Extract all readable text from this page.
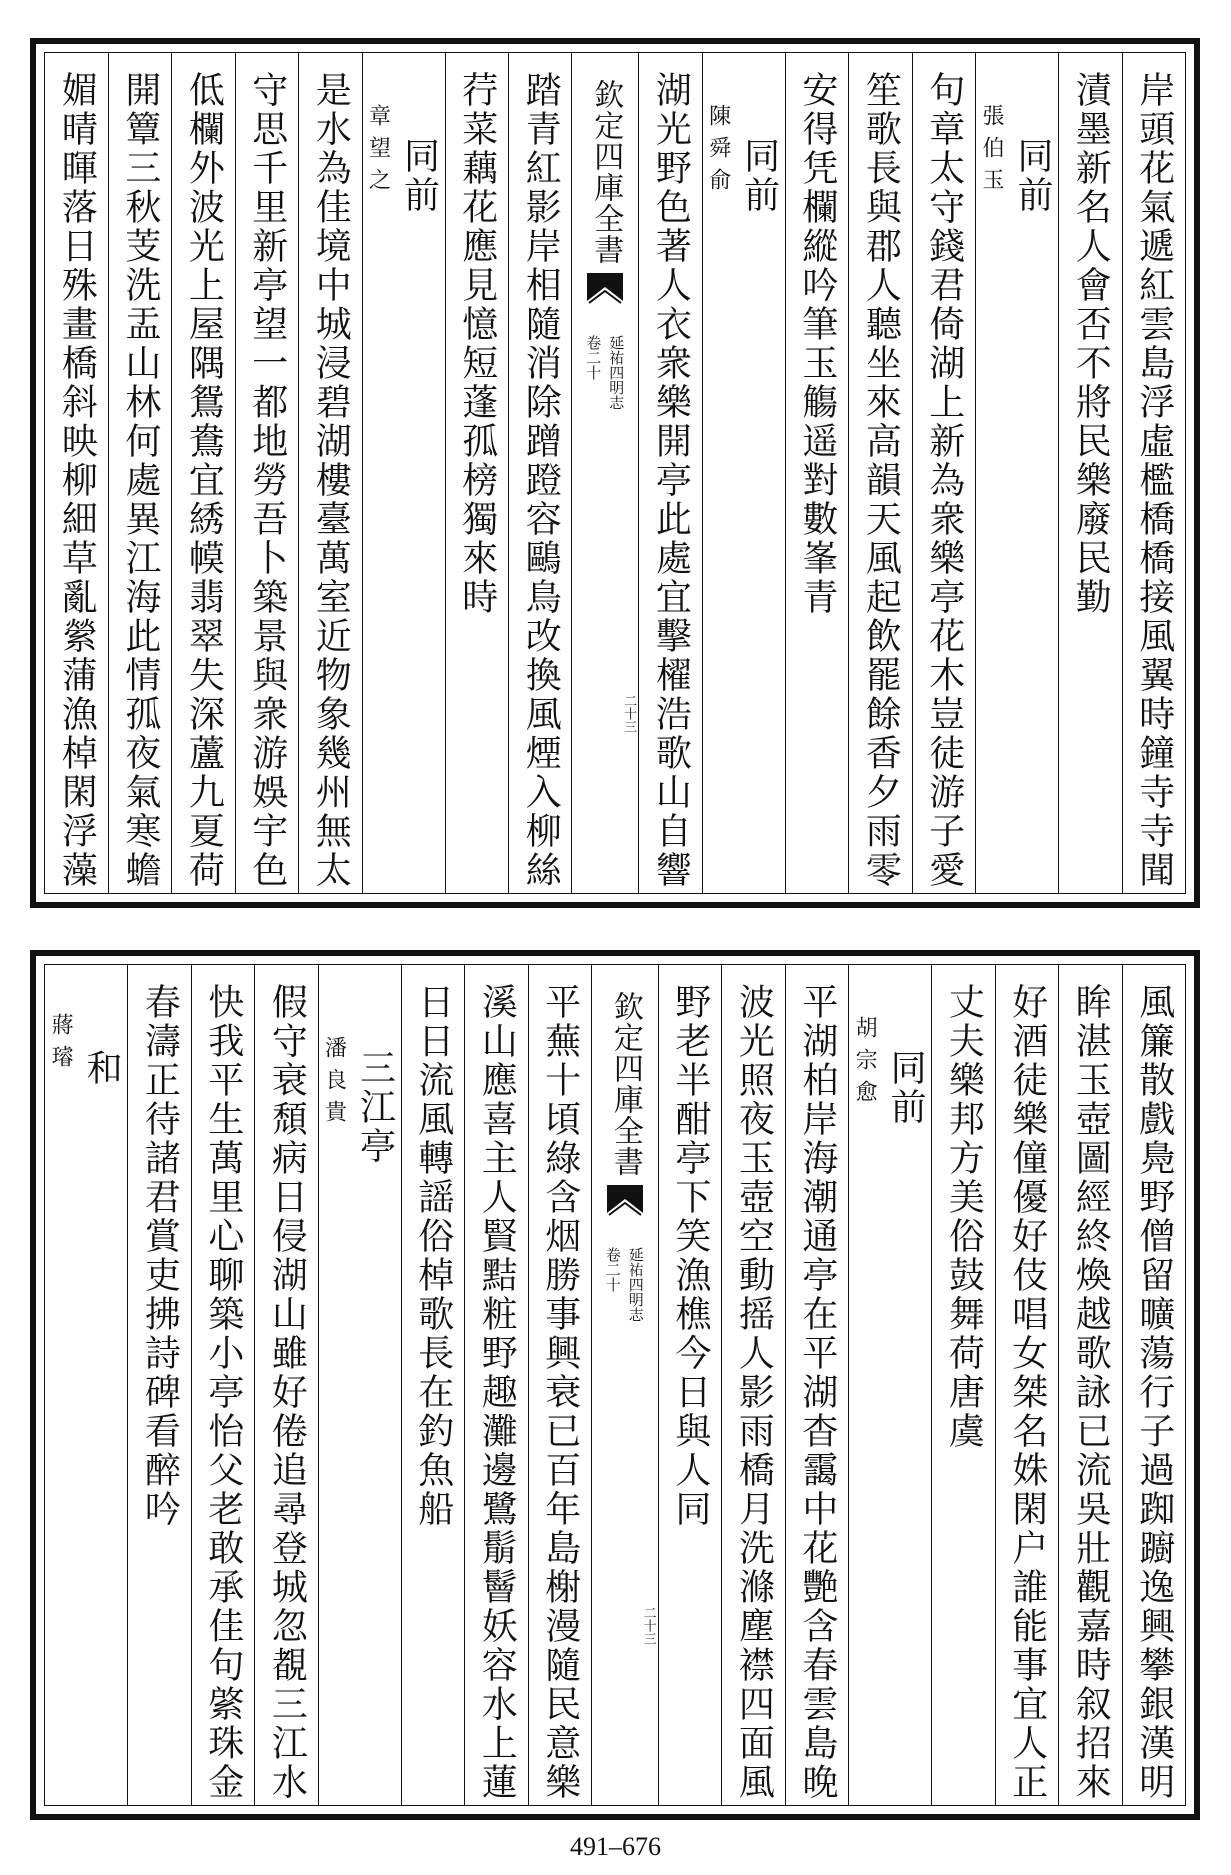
岸頭花氣遞紅雲島浮虛檻橋橋接風翼時鐘寺寺聞
漬墨新名人會否不將民樂廢民勤
同前
張伯玉
句章太守錢君倚湖上新為衆樂亭花木豈徒游子愛
笙歌長與郡人聽坐來高韻天風起飲罷餘香夕雨零
安得凭欄縱吟筆玉觴遥對數峯青
同前
陳舜俞
湖光野色著人衣衆樂開亭此處宜擊櫂浩歌山自響
欽定四庫全書
延祐四明志
卷二十
二十三
踏青紅影岸相隨消除蹭蹬容鷗鳥改換風煙入柳絲
荇菜藕花應見憶短蓬孤榜獨來時
同前
章望之
是水為佳境中城浸碧湖樓臺萬室近物象幾州無太
守思千里新亭望一都地勞吾卜築景與衆游娛宇色
低欄外波光上屋隅鴛鴦宜綉幙翡翠失深蘆九夏荷
開簟三秋芰洗盂山林何處異江海此情孤夜氣寒蟾
媚晴暉落日殊畫橋斜映柳細草亂縈蒲漁棹閑浮藻
風簾散戲鳧野僧留曠蕩行子過踟躕逸興攀銀漢明
眸湛玉壺圖經終煥越歌詠已流吳壯觀嘉時叙招來
好酒徒樂僮優好伎唱女桀名姝閑户誰能事宜人正
丈夫樂邦方美俗鼓舞荷唐虞
同前
胡宗愈
平湖柏岸海潮通亭在平湖杳靄中花艷含春雲島晚
波光照夜玉壺空動摇人影雨橋月洗滌塵襟四面風
野老半酣亭下笑漁樵今日與人同
欽定四庫全書
延祐四明志
卷二十
二十三
平蕪十頃綠含烟勝事興衰已百年島榭漫隨民意樂
溪山應喜主人賢黠粧野趣灘邊鷺鬅鬙妖容水上蓮
日日流風轉謡俗棹歌長在釣魚船
三江亭
潘良貴
假守衰頹病日侵湖山雖好倦追尋登城忽覩三江水
快我平生萬里心聊築小亭怡父老敢承佳句綮珠金
春濤正待諸君賞吏拂詩碑看醉吟
和
蔣璿
491–676
